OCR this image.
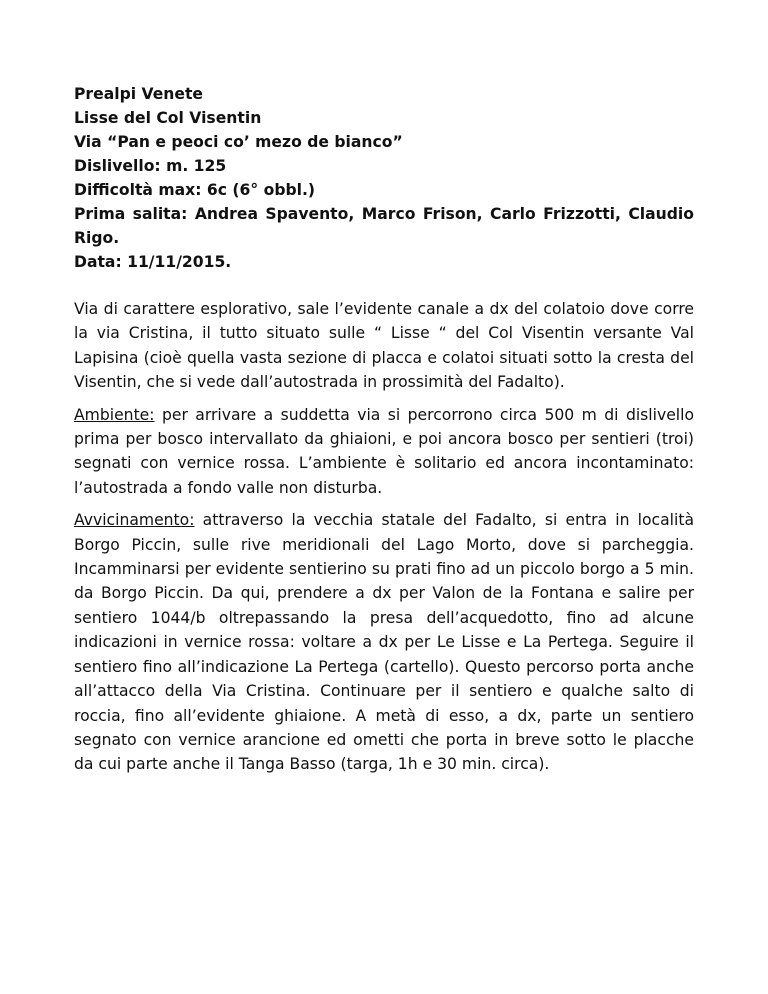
Prealpi Venete
Lisse del Col Visentin
Via “Pan e peoci co’ mezo de bianco”
Dislivello: m. 125
Difficoltà max: 6c (6° obbl.)
Prima salita: Andrea Spavento, Marco Frison, Carlo Frizzotti, Claudio Rigo.
Data: 11/11/2015.

Via di carattere esplorativo, sale l’evidente canale a dx del colatoio dove corre la via Cristina, il tutto situato sulle “ Lisse “ del Col Visentin versante Val Lapisina (cioè quella vasta sezione di placca e colatoi situati sotto la cresta del Visentin, che si vede dall’autostrada in prossimità del Fadalto).

Ambiente: per arrivare a suddetta via si percorrono circa 500 m di dislivello prima per bosco intervallato da ghiaioni, e poi ancora bosco per sentieri (troi) segnati con vernice rossa. L’ambiente è solitario ed ancora incontaminato: l’autostrada a fondo valle non disturba.

Avvicinamento: attraverso la vecchia statale del Fadalto, si entra in località Borgo Piccin, sulle rive meridionali del Lago Morto, dove si parcheggia. Incamminarsi per evidente sentierino su prati fino ad un piccolo borgo a 5 min. da Borgo Piccin. Da qui, prendere a dx per Valon de la Fontana e salire per sentiero 1044/b oltrepassando la presa dell’acquedotto, fino ad alcune indicazioni in vernice rossa: voltare a dx per Le Lisse e La Pertega. Seguire il sentiero fino all’indicazione La Pertega (cartello). Questo percorso porta anche all’attacco della Via Cristina. Continuare per il sentiero e qualche salto di roccia, fino all’evidente ghiaione. A metà di esso, a dx, parte un sentiero segnato con vernice arancione ed ometti che porta in breve sotto le placche da cui parte anche il Tanga Basso (targa, 1h e 30 min. circa).
